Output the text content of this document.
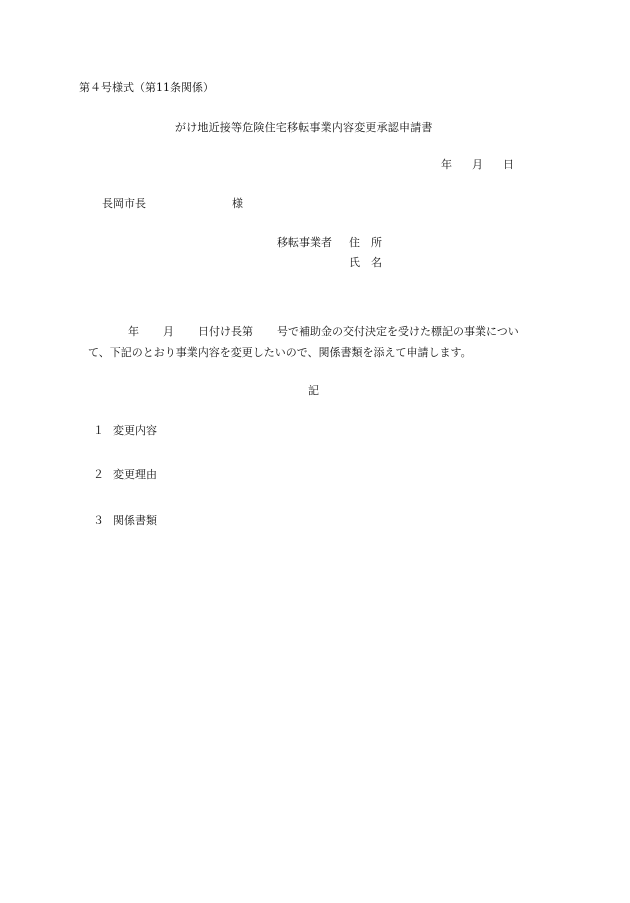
第４号様式（第11条関係）
がけ地近接等危険住宅移転事業内容変更承認申請書
年 月 日
長岡市長	様
移転事業者 住　所
氏　名
年 月 日付け長第 号で補助金の交付決定を受けた標記の事業につい
て、下記のとおり事業内容を変更したいので、関係書類を添えて申請します。
記
１ 変更内容
２ 変更理由
３ 関係書類
